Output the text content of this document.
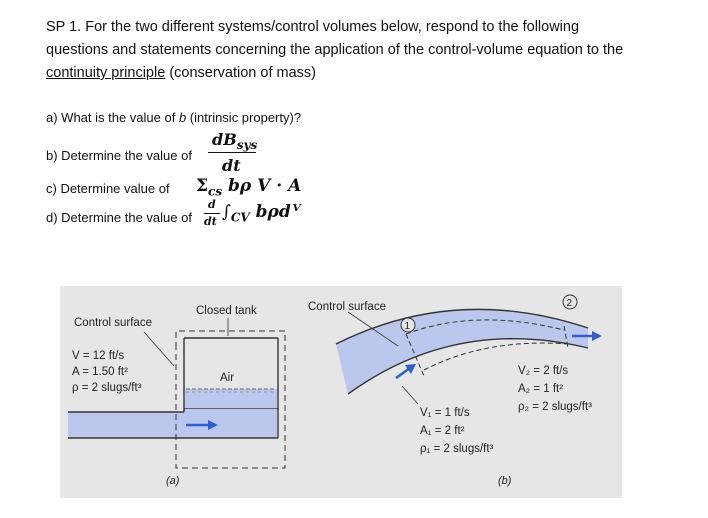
SP 1. For the two different systems/control volumes below, respond to the following
questions and statements concerning the application of the control-volume equation to the
continuity principle (conservation of mass)
a) What is the value of b (intrinsic property)?
b) Determine the value of
$dB_{sys}$
dt
c) Determine value of $\Sigma_{cs}$ bρ V · A
d) Determine the value of
d
dt $\int_{CV}$ bρdⱽ
Control surface
Closed tank
Air
V = 12 ft/s
A = 1.50 ft²
ρ = 2 slugs/ft³
(a)
1
2
Control surface
V₁ = 1 ft/s
A₁ = 2 ft²
ρ₁ = 2 slugs/ft³
V₂ = 2 ft/s
A₂ = 1 ft²
ρ₂ = 2 slugs/ft³
(b)
